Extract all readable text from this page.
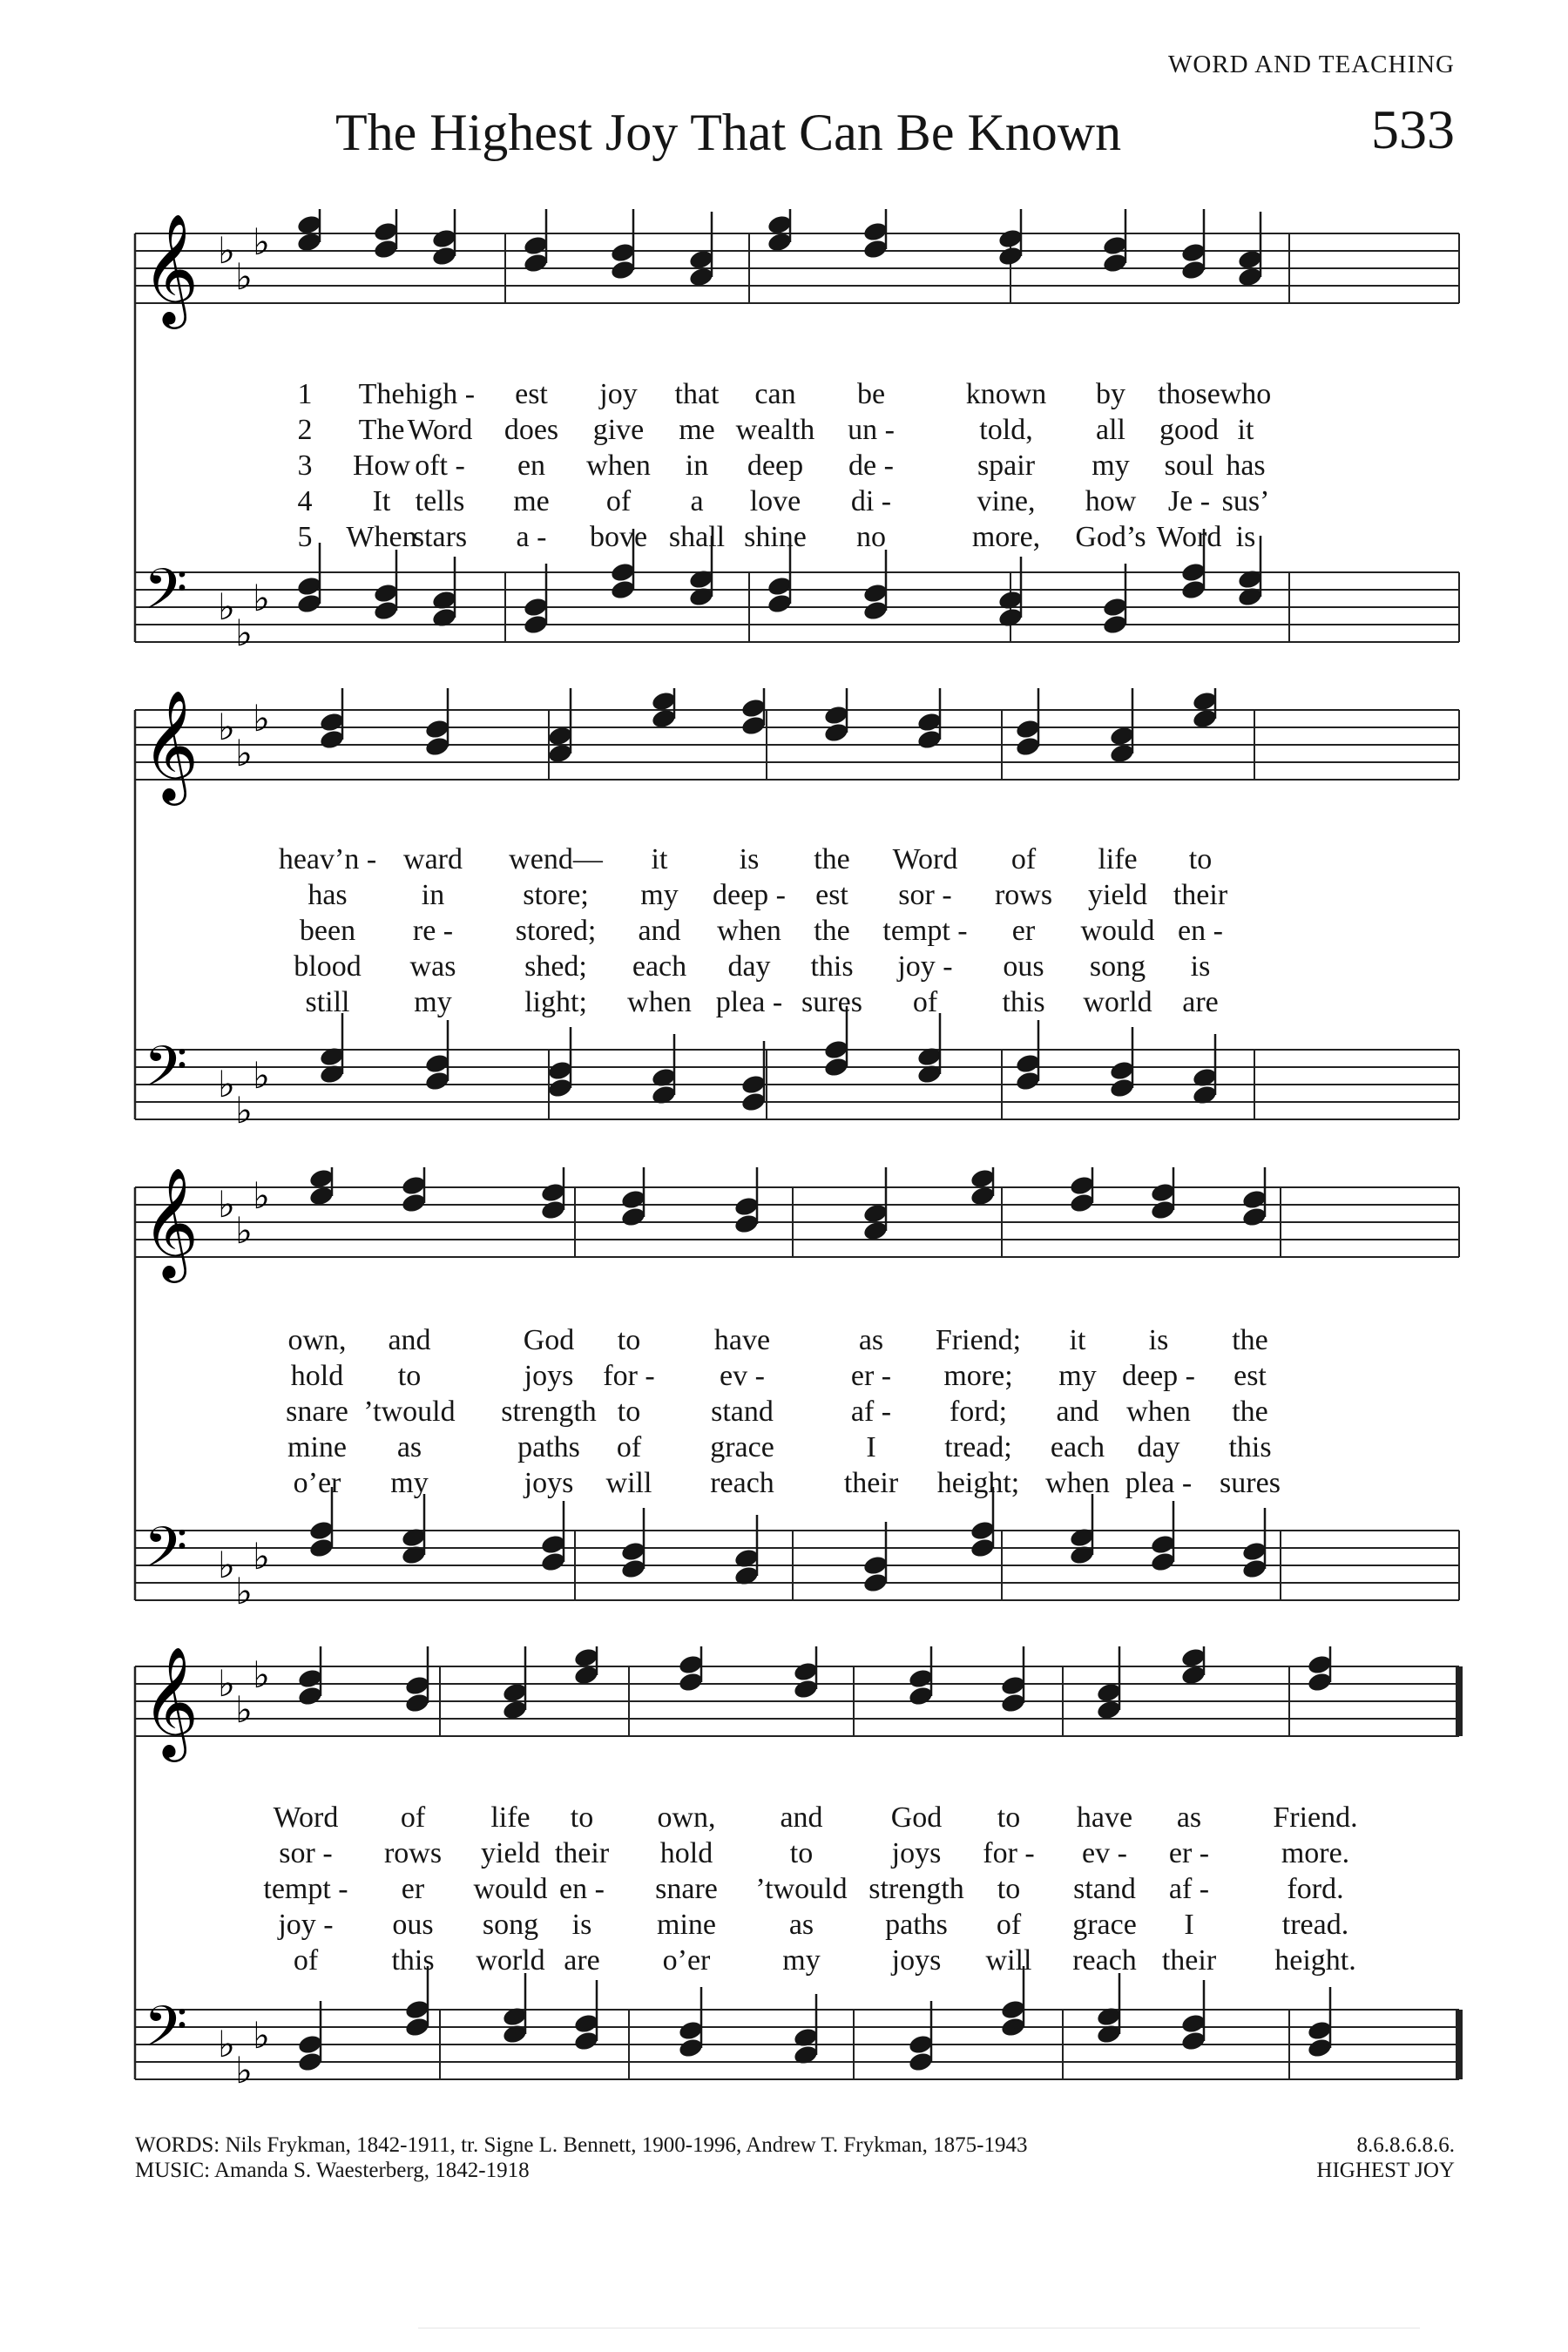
WORD AND TEACHING
The Highest Joy That Can Be Known	533
𝄞
𝄢
♭
♭
♭
♭
♭
♭
1 The high - est joy that can be	known by those who
2 The Word does give me wealth un -	told, all good it
3 How oft - en when in deep de -	spair my soul has
4 It tells me of a love di -	vine, how Je - sus’
5 When
stars a - bove shall shine no	more, God’s Word is
𝄞
𝄢
♭
♭
♭
♭
♭
♭
heav’n - ward wend— it is the Word of life to
has	in	store; my deep - est sor - rows yield their
been re - stored; and when the tempt - er would en -
blood was shed; each day this joy - ous song is
still my light; when plea - sures of this world are
𝄞
𝄢
♭
♭
♭
♭
♭
♭
own, and	God to have	as Friend; it is the
hold to	joys for - ev -	er - more; my deep - est
snare ’twould strength to stand	af - ford; and when the
mine as	paths of grace	I tread; each day this
o’er my	joys will reach their height; when plea - sures
𝄞
𝄢
♭
♭
♭
♭
♭
♭
Word of life to own, and God to have as Friend.
sor - rows yield their hold	to	joys for - ev - er - more.
tempt - er would en - snare ’twould strength to stand af -	ford.
joy - ous song is mine as paths of grace I	tread.
of this world are o’er my joys will reach their height.
WORDS: Nils Frykman, 1842-1911, tr. Signe L. Bennett, 1900-1996, Andrew T. Frykman, 1875-1943
MUSIC: Amanda S. Waesterberg, 1842-1918
8.6.8.6.8.6.
HIGHEST JOY
